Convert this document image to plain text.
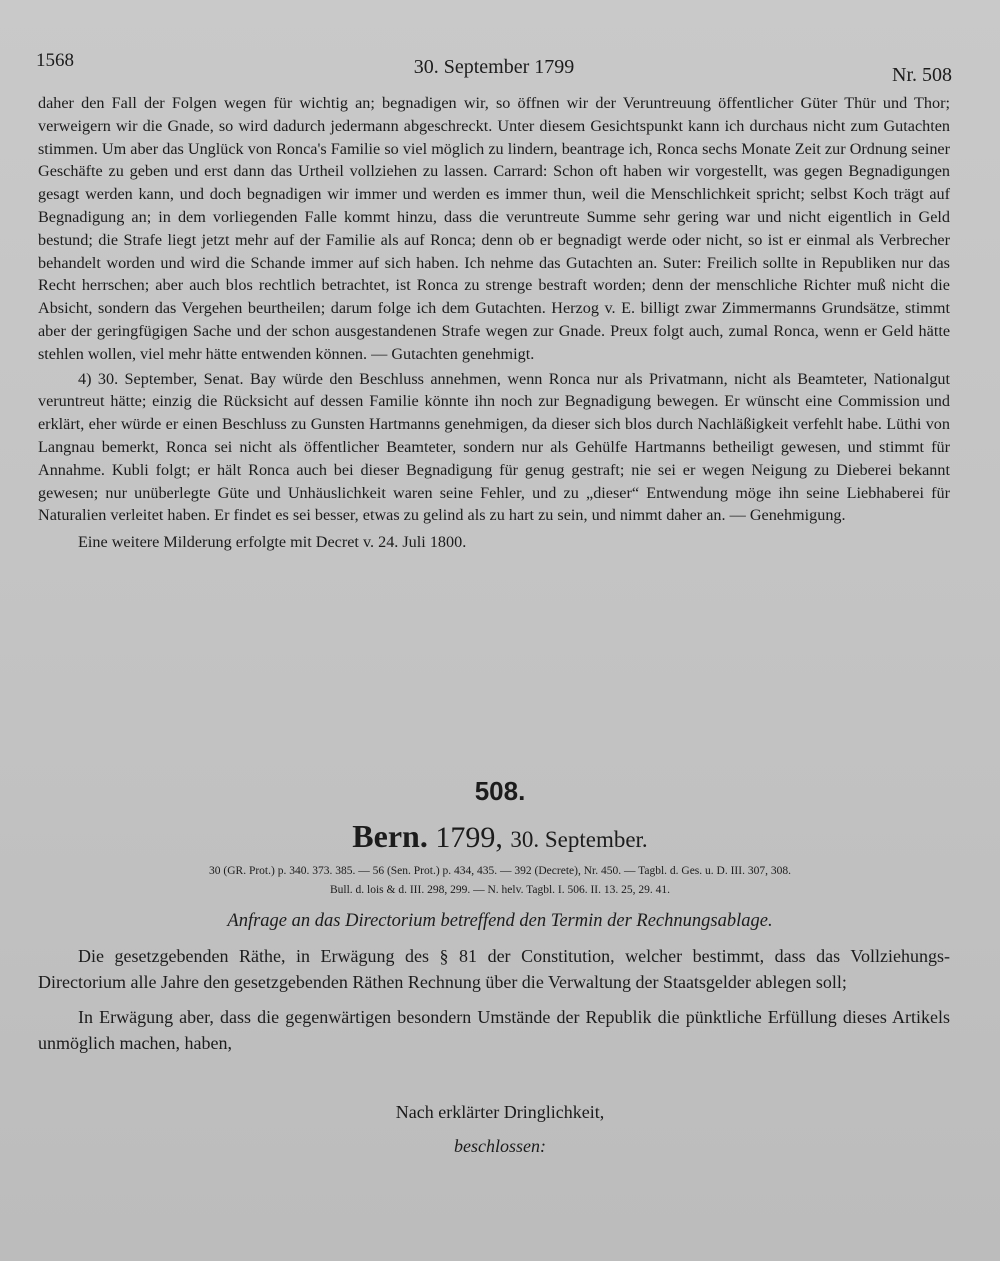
1568	30. September 1799	Nr. 508

daher den Fall der Folgen wegen für wichtig an; begnadigen wir, so öffnen wir der Veruntreuung öffentlicher Güter Thür und Thor; verweigern wir die Gnade, so wird dadurch jedermann abgeschreckt. Unter diesem Gesichtspunkt kann ich durchaus nicht zum Gutachten stimmen. Um aber das Unglück von Ronca's Familie so viel möglich zu lindern, beantrage ich, Ronca sechs Monate Zeit zur Ordnung seiner Geschäfte zu geben und erst dann das Urtheil vollziehen zu lassen. Carrard: Schon oft haben wir vorgestellt, was gegen Begnadigungen gesagt werden kann, und doch begnadigen wir immer und werden es immer thun, weil die Menschlichkeit spricht; selbst Koch trägt auf Begnadigung an; in dem vorliegenden Falle kommt hinzu, dass die veruntreute Summe sehr gering war und nicht eigentlich in Geld bestund; die Strafe liegt jetzt mehr auf der Familie als auf Ronca; denn ob er begnadigt werde oder nicht, so ist er einmal als Verbrecher behandelt worden und wird die Schande immer auf sich haben. Ich nehme das Gutachten an. Suter: Freilich sollte in Republiken nur das Recht herrschen; aber auch blos rechtlich betrachtet, ist Ronca zu strenge bestraft worden; denn der menschliche Richter muß nicht die Absicht, sondern das Vergehen beurtheilen; darum folge ich dem Gutachten. Herzog v. E. billigt zwar Zimmermanns Grundsätze, stimmt aber der geringfügigen Sache und der schon ausgestandenen Strafe wegen zur Gnade. Preux folgt auch, zumal Ronca, wenn er Geld hätte stehlen wollen, viel mehr hätte entwenden können. — Gutachten genehmigt.

4) 30. September, Senat. Bay würde den Beschluss annehmen, wenn Ronca nur als Privatmann, nicht als Beamteter, Nationalgut veruntreut hätte; einzig die Rücksicht auf dessen Familie könnte ihn noch zur Begnadigung bewegen. Er wünscht eine Commission und erklärt, eher würde er einen Beschluss zu Gunsten Hartmanns genehmigen, da dieser sich blos durch Nachläßigkeit verfehlt habe. Lüthi von Langnau bemerkt, Ronca sei nicht als öffentlicher Beamteter, sondern nur als Gehülfe Hartmanns betheiligt gewesen, und stimmt für Annahme. Kubli folgt; er hält Ronca auch bei dieser Begnadigung für genug gestraft; nie sei er wegen Neigung zu Dieberei bekannt gewesen; nur unüberlegte Güte und Unhäuslichkeit waren seine Fehler, und zu „dieser“ Entwendung möge ihn seine Liebhaberei für Naturalien verleitet haben. Er findet es sei besser, etwas zu gelind als zu hart zu sein, und nimmt daher an. — Genehmigung.

Eine weitere Milderung erfolgte mit Decret v. 24. Juli 1800.

508.
Bern. 1799, 30. September.
30 (GR. Prot.) p. 340. 373. 385. — 56 (Sen. Prot.) p. 434, 435. — 392 (Decrete), Nr. 450. — Tagbl. d. Ges. u. D. III. 307, 308.
Bull. d. lois & d. III. 298, 299. — N. helv. Tagbl. I. 506. II. 13. 25, 29. 41.
Anfrage an das Directorium betreffend den Termin der Rechnungsablage.

Die gesetzgebenden Räthe, in Erwägung des § 81 der Constitution, welcher bestimmt, dass das Vollziehungs-Directorium alle Jahre den gesetzgebenden Räthen Rechnung über die Verwaltung der Staatsgelder ablegen soll;

In Erwägung aber, dass die gegenwärtigen besondern Umstände der Republik die pünktliche Erfüllung dieses Artikels unmöglich machen, haben,

Nach erklärter Dringlichkeit,
beschlossen:
